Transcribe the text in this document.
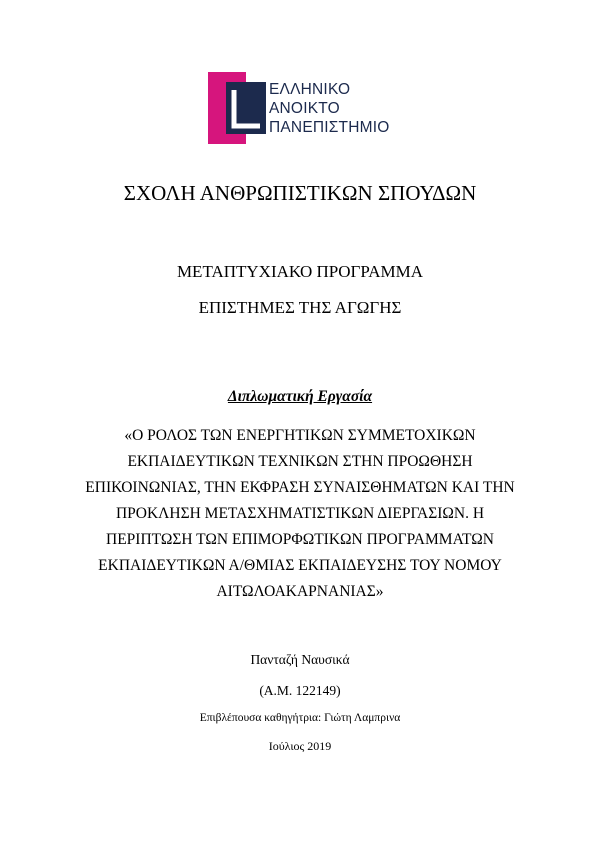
ΕΛΛΗΝΙΚΟ
ΑΝΟΙΚΤΟ
ΠΑΝΕΠΙΣΤΗΜΙΟ
ΣΧΟΛΗ ΑΝΘΡΩΠΙΣΤΙΚΩΝ ΣΠΟΥΔΩΝ
ΜΕΤΑΠΤΥΧΙΑΚΟ ΠΡΟΓΡΑΜΜΑ
ΕΠΙΣΤΗΜΕΣ ΤΗΣ ΑΓΩΓΗΣ
Διπλωματική Εργασία
«Ο ΡΟΛΟΣ ΤΩΝ ΕΝΕΡΓΗΤΙΚΩΝ ΣΥΜΜΕΤΟΧΙΚΩΝ
ΕΚΠΑΙΔΕΥΤΙΚΩΝ ΤΕΧΝΙΚΩΝ ΣΤΗΝ ΠΡΟΩΘΗΣΗ
ΕΠΙΚΟΙΝΩΝΙΑΣ, ΤΗΝ ΕΚΦΡΑΣΗ ΣΥΝΑΙΣΘΗΜΑΤΩΝ ΚΑΙ ΤΗΝ
ΠΡΟΚΛΗΣΗ ΜΕΤΑΣΧΗΜΑΤΙΣΤΙΚΩΝ ΔΙΕΡΓΑΣΙΩΝ. Η
ΠΕΡΙΠΤΩΣΗ ΤΩΝ ΕΠΙΜΟΡΦΩΤΙΚΩΝ ΠΡΟΓΡΑΜΜΑΤΩΝ
ΕΚΠΑΙΔΕΥΤΙΚΩΝ Α/ΘΜΙΑΣ ΕΚΠΑΙΔΕΥΣΗΣ ΤΟΥ ΝΟΜΟΥ
ΑΙΤΩΛΟΑΚΑΡΝΑΝΙΑΣ»
Πανταζή Ναυσικά
(Α.Μ. 122149)
Επιβλέπουσα καθηγήτρια: Γιώτη Λαμπρινα
Ιούλιος 2019
